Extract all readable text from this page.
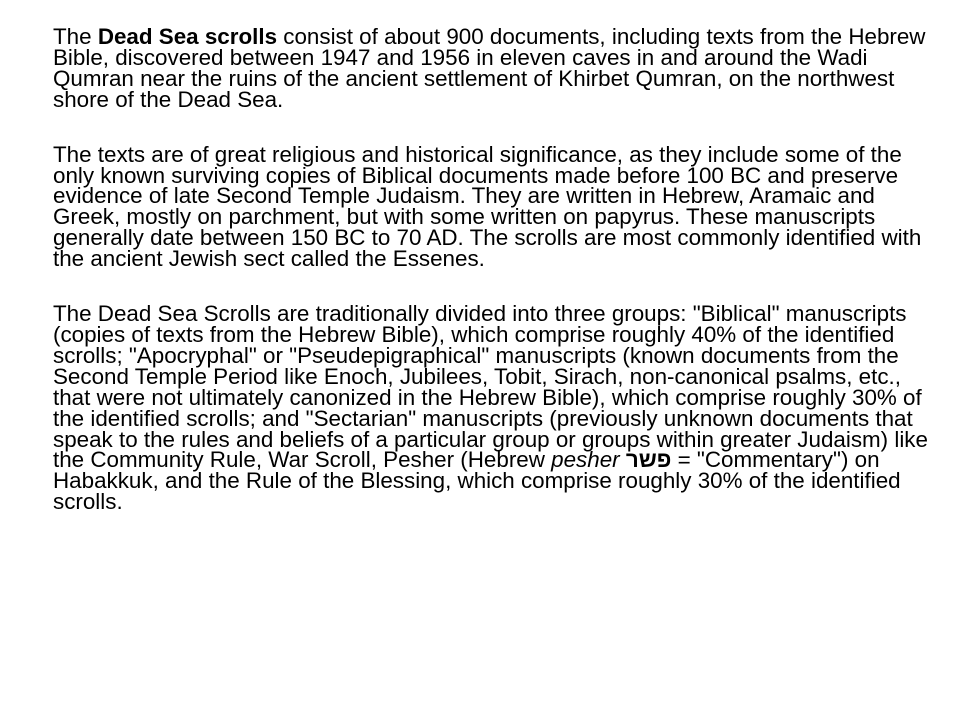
The Dead Sea scrolls consist of about 900 documents, including texts from the Hebrew Bible, discovered between 1947 and 1956 in eleven caves in and around the Wadi Qumran near the ruins of the ancient settlement of Khirbet Qumran, on the northwest shore of the Dead Sea.

The texts are of great religious and historical significance, as they include some of the only known surviving copies of Biblical documents made before 100 BC and preserve evidence of late Second Temple Judaism. They are written in Hebrew, Aramaic and Greek, mostly on parchment, but with some written on papyrus. These manuscripts generally date between 150 BC to 70 AD. The scrolls are most commonly identified with the ancient Jewish sect called the Essenes.

The Dead Sea Scrolls are traditionally divided into three groups: "Biblical" manuscripts (copies of texts from the Hebrew Bible), which comprise roughly 40% of the identified scrolls; "Apocryphal" or "Pseudepigraphical" manuscripts (known documents from the Second Temple Period like Enoch, Jubilees, Tobit, Sirach, non-canonical psalms, etc., that were not ultimately canonized in the Hebrew Bible), which comprise roughly 30% of the identified scrolls; and "Sectarian" manuscripts (previously unknown documents that speak to the rules and beliefs of a particular group or groups within greater Judaism) like the Community Rule, War Scroll, Pesher (Hebrew pesher פשר = "Commentary") on Habakkuk, and the Rule of the Blessing, which comprise roughly 30% of the identified scrolls.
